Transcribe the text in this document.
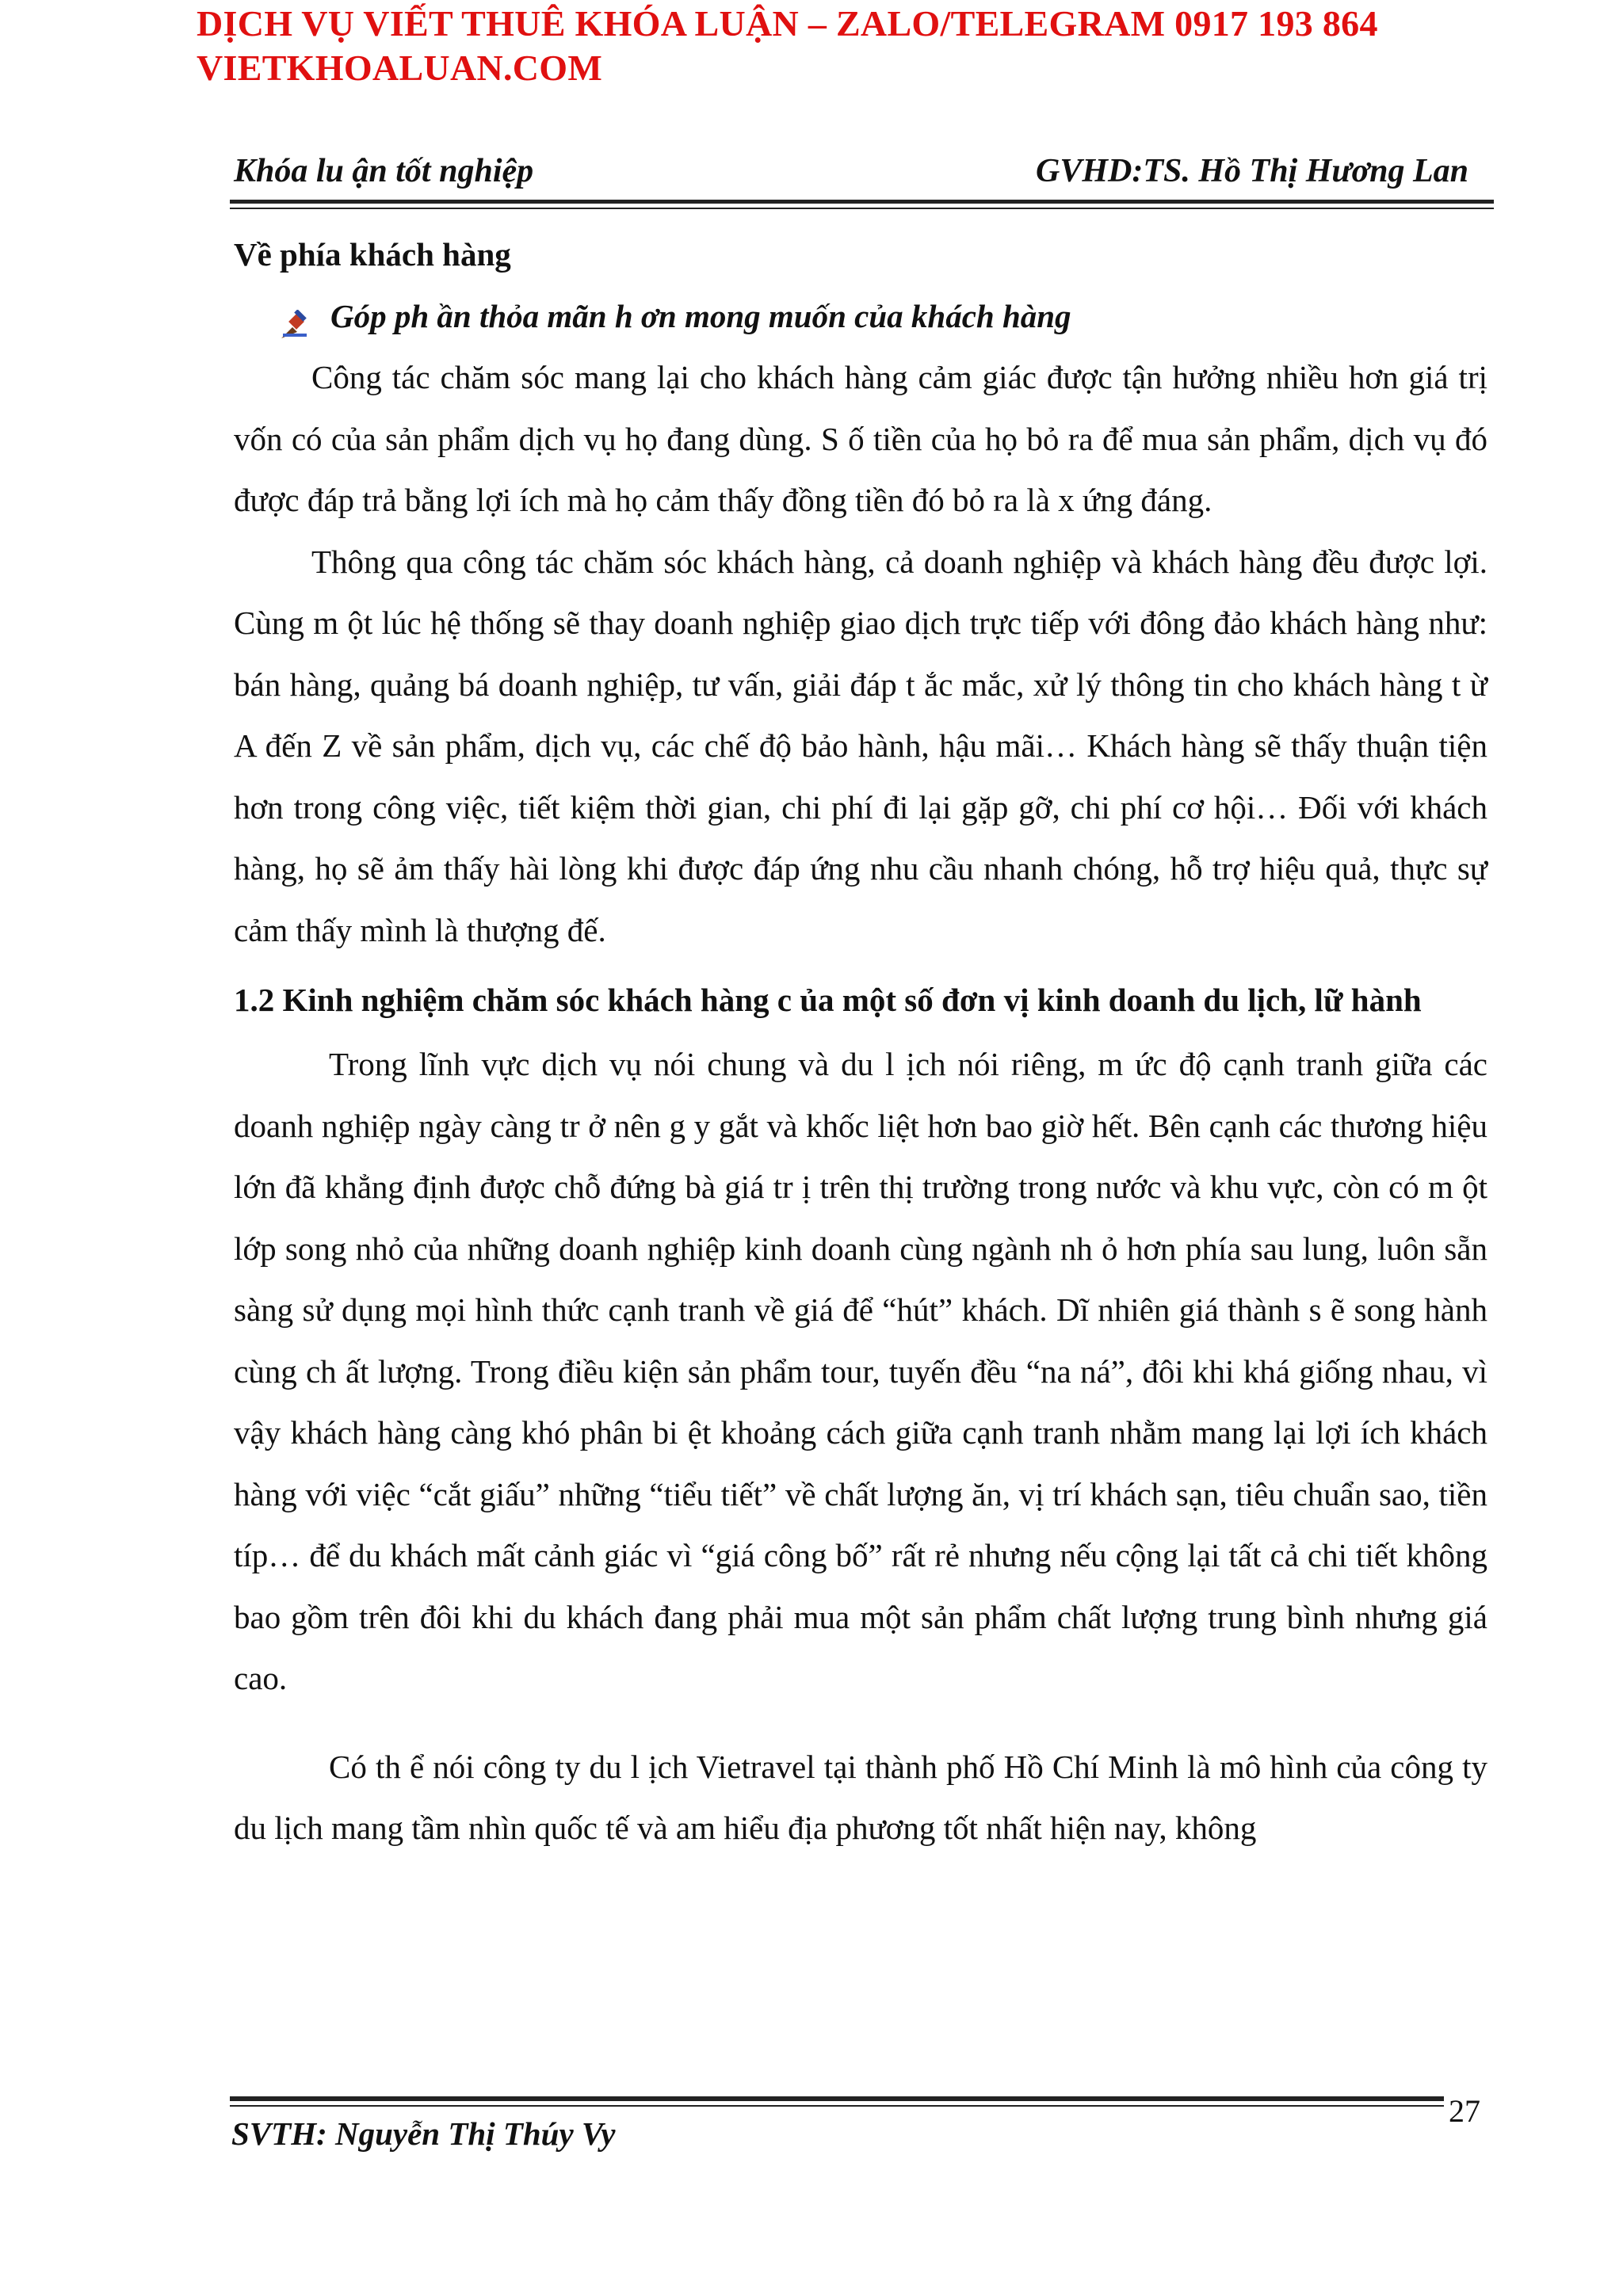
DỊCH VỤ VIẾT THUÊ KHÓA LUẬN – ZALO/TELEGRAM 0917 193 864
VIETKHOALUAN.COM
Khóa lu ận tốt nghiệp	GVHD:TS. Hồ Thị Hương Lan

Về phía khách hàng

Góp ph ần thỏa mãn h ơn mong muốn của khách hàng

Công tác chăm sóc mang lại cho khách hàng cảm giác được tận hưởng nhiều hơn giá trị vốn có của sản phẩm dịch vụ họ đang dùng. S ố tiền của họ bỏ ra để mua sản phẩm, dịch vụ đó được đáp trả bằng lợi ích mà họ cảm thấy đồng tiền đó bỏ ra là x ứng đáng.

Thông qua công tác chăm sóc khách hàng, cả doanh nghiệp và khách hàng đều được lợi. Cùng m ột lúc hệ thống sẽ thay doanh nghiệp giao dịch trực tiếp với đông đảo khách hàng như: bán hàng, quảng bá doanh nghiệp, tư vấn, giải đáp t ắc mắc, xử lý thông tin cho khách hàng t ừ A đến Z về sản phẩm, dịch vụ, các chế độ bảo hành, hậu mãi… Khách hàng sẽ thấy thuận tiện hơn trong công việc, tiết kiệm thời gian, chi phí đi lại gặp gỡ, chi phí cơ hội… Đối với khách hàng, họ sẽ ảm thấy hài lòng khi được đáp ứng nhu cầu nhanh chóng, hỗ trợ hiệu quả, thực sự cảm thấy mình là thượng đế.

1.2 Kinh nghiệm chăm sóc khách hàng c ủa một số đơn vị kinh doanh du lịch, lữ hành

Trong lĩnh vực dịch vụ nói chung và du l ịch nói riêng, m ức độ cạnh tranh giữa các doanh nghiệp ngày càng tr ở nên g y gắt và khốc liệt hơn bao giờ hết. Bên cạnh các thương hiệu lớn đã khẳng định được chỗ đứng bà giá tr ị trên thị trường trong nước và khu vực, còn có m ột lớp song nhỏ của những doanh nghiệp kinh doanh cùng ngành nh ỏ hơn phía sau lung, luôn sẵn sàng sử dụng mọi hình thức cạnh tranh về giá để “hút” khách. Dĩ nhiên giá thành s ẽ song hành cùng ch ất lượng. Trong điều kiện sản phẩm tour, tuyến đều “na ná”, đôi khi khá giống nhau, vì vậy khách hàng càng khó phân bi ệt khoảng cách giữa cạnh tranh nhằm mang lại lợi ích khách hàng với việc “cắt giấu” những “tiểu tiết” về chất lượng ăn, vị trí khách sạn, tiêu chuẩn sao, tiền típ… để du khách mất cảnh giác vì “giá công bố” rất rẻ nhưng nếu cộng lại tất cả chi tiết không bao gồm trên đôi khi du khách đang phải mua một sản phẩm chất lượng trung bình nhưng giá cao.

Có th ể nói công ty du l ịch Vietravel tại thành phố Hồ Chí Minh là mô hình của công ty du lịch mang tầm nhìn quốc tế và am hiểu địa phương tốt nhất hiện nay, không

27
SVTH: Nguyễn Thị Thúy Vy
